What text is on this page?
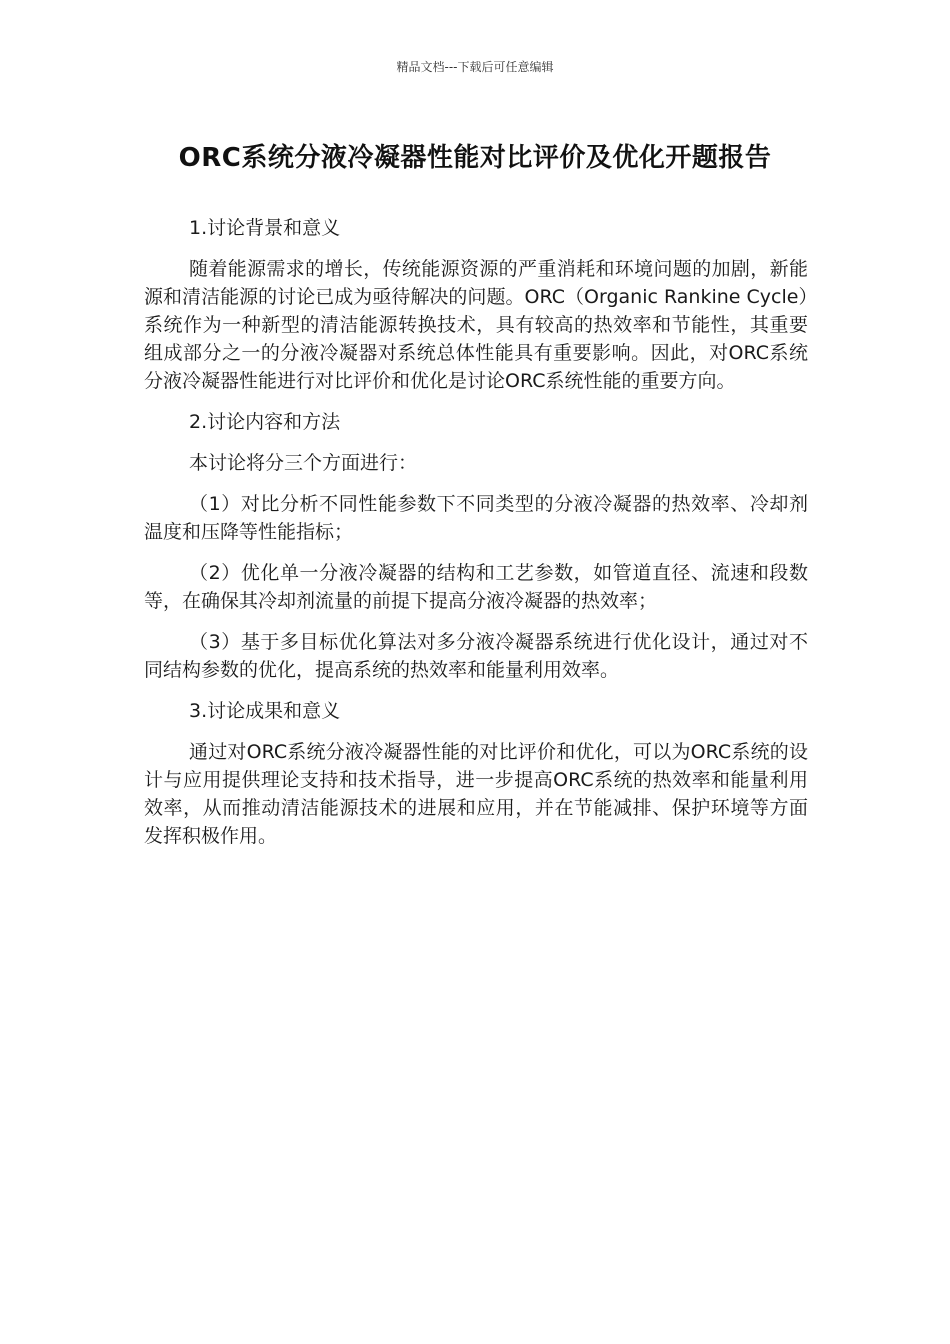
精品文档---下载后可任意编辑
ORC系统分液冷凝器性能对比评价及优化开题报告

1.讨论背景和意义

随着能源需求的增长，传统能源资源的严重消耗和环境问题的加剧，新能源和清洁能源的讨论已成为亟待解决的问题。ORC（Organic Rankine Cycle）系统作为一种新型的清洁能源转换技术，具有较高的热效率和节能性，其重要组成部分之一的分液冷凝器对系统总体性能具有重要影响。因此，对ORC系统分液冷凝器性能进行对比评价和优化是讨论ORC系统性能的重要方向。

2.讨论内容和方法

本讨论将分三个方面进行：

（1）对比分析不同性能参数下不同类型的分液冷凝器的热效率、冷却剂温度和压降等性能指标；

（2）优化单一分液冷凝器的结构和工艺参数，如管道直径、流速和段数等，在确保其冷却剂流量的前提下提高分液冷凝器的热效率；

（3）基于多目标优化算法对多分液冷凝器系统进行优化设计，通过对不同结构参数的优化，提高系统的热效率和能量利用效率。

3.讨论成果和意义

通过对ORC系统分液冷凝器性能的对比评价和优化，可以为ORC系统的设计与应用提供理论支持和技术指导，进一步提高ORC系统的热效率和能量利用效率，从而推动清洁能源技术的进展和应用，并在节能减排、保护环境等方面发挥积极作用。
